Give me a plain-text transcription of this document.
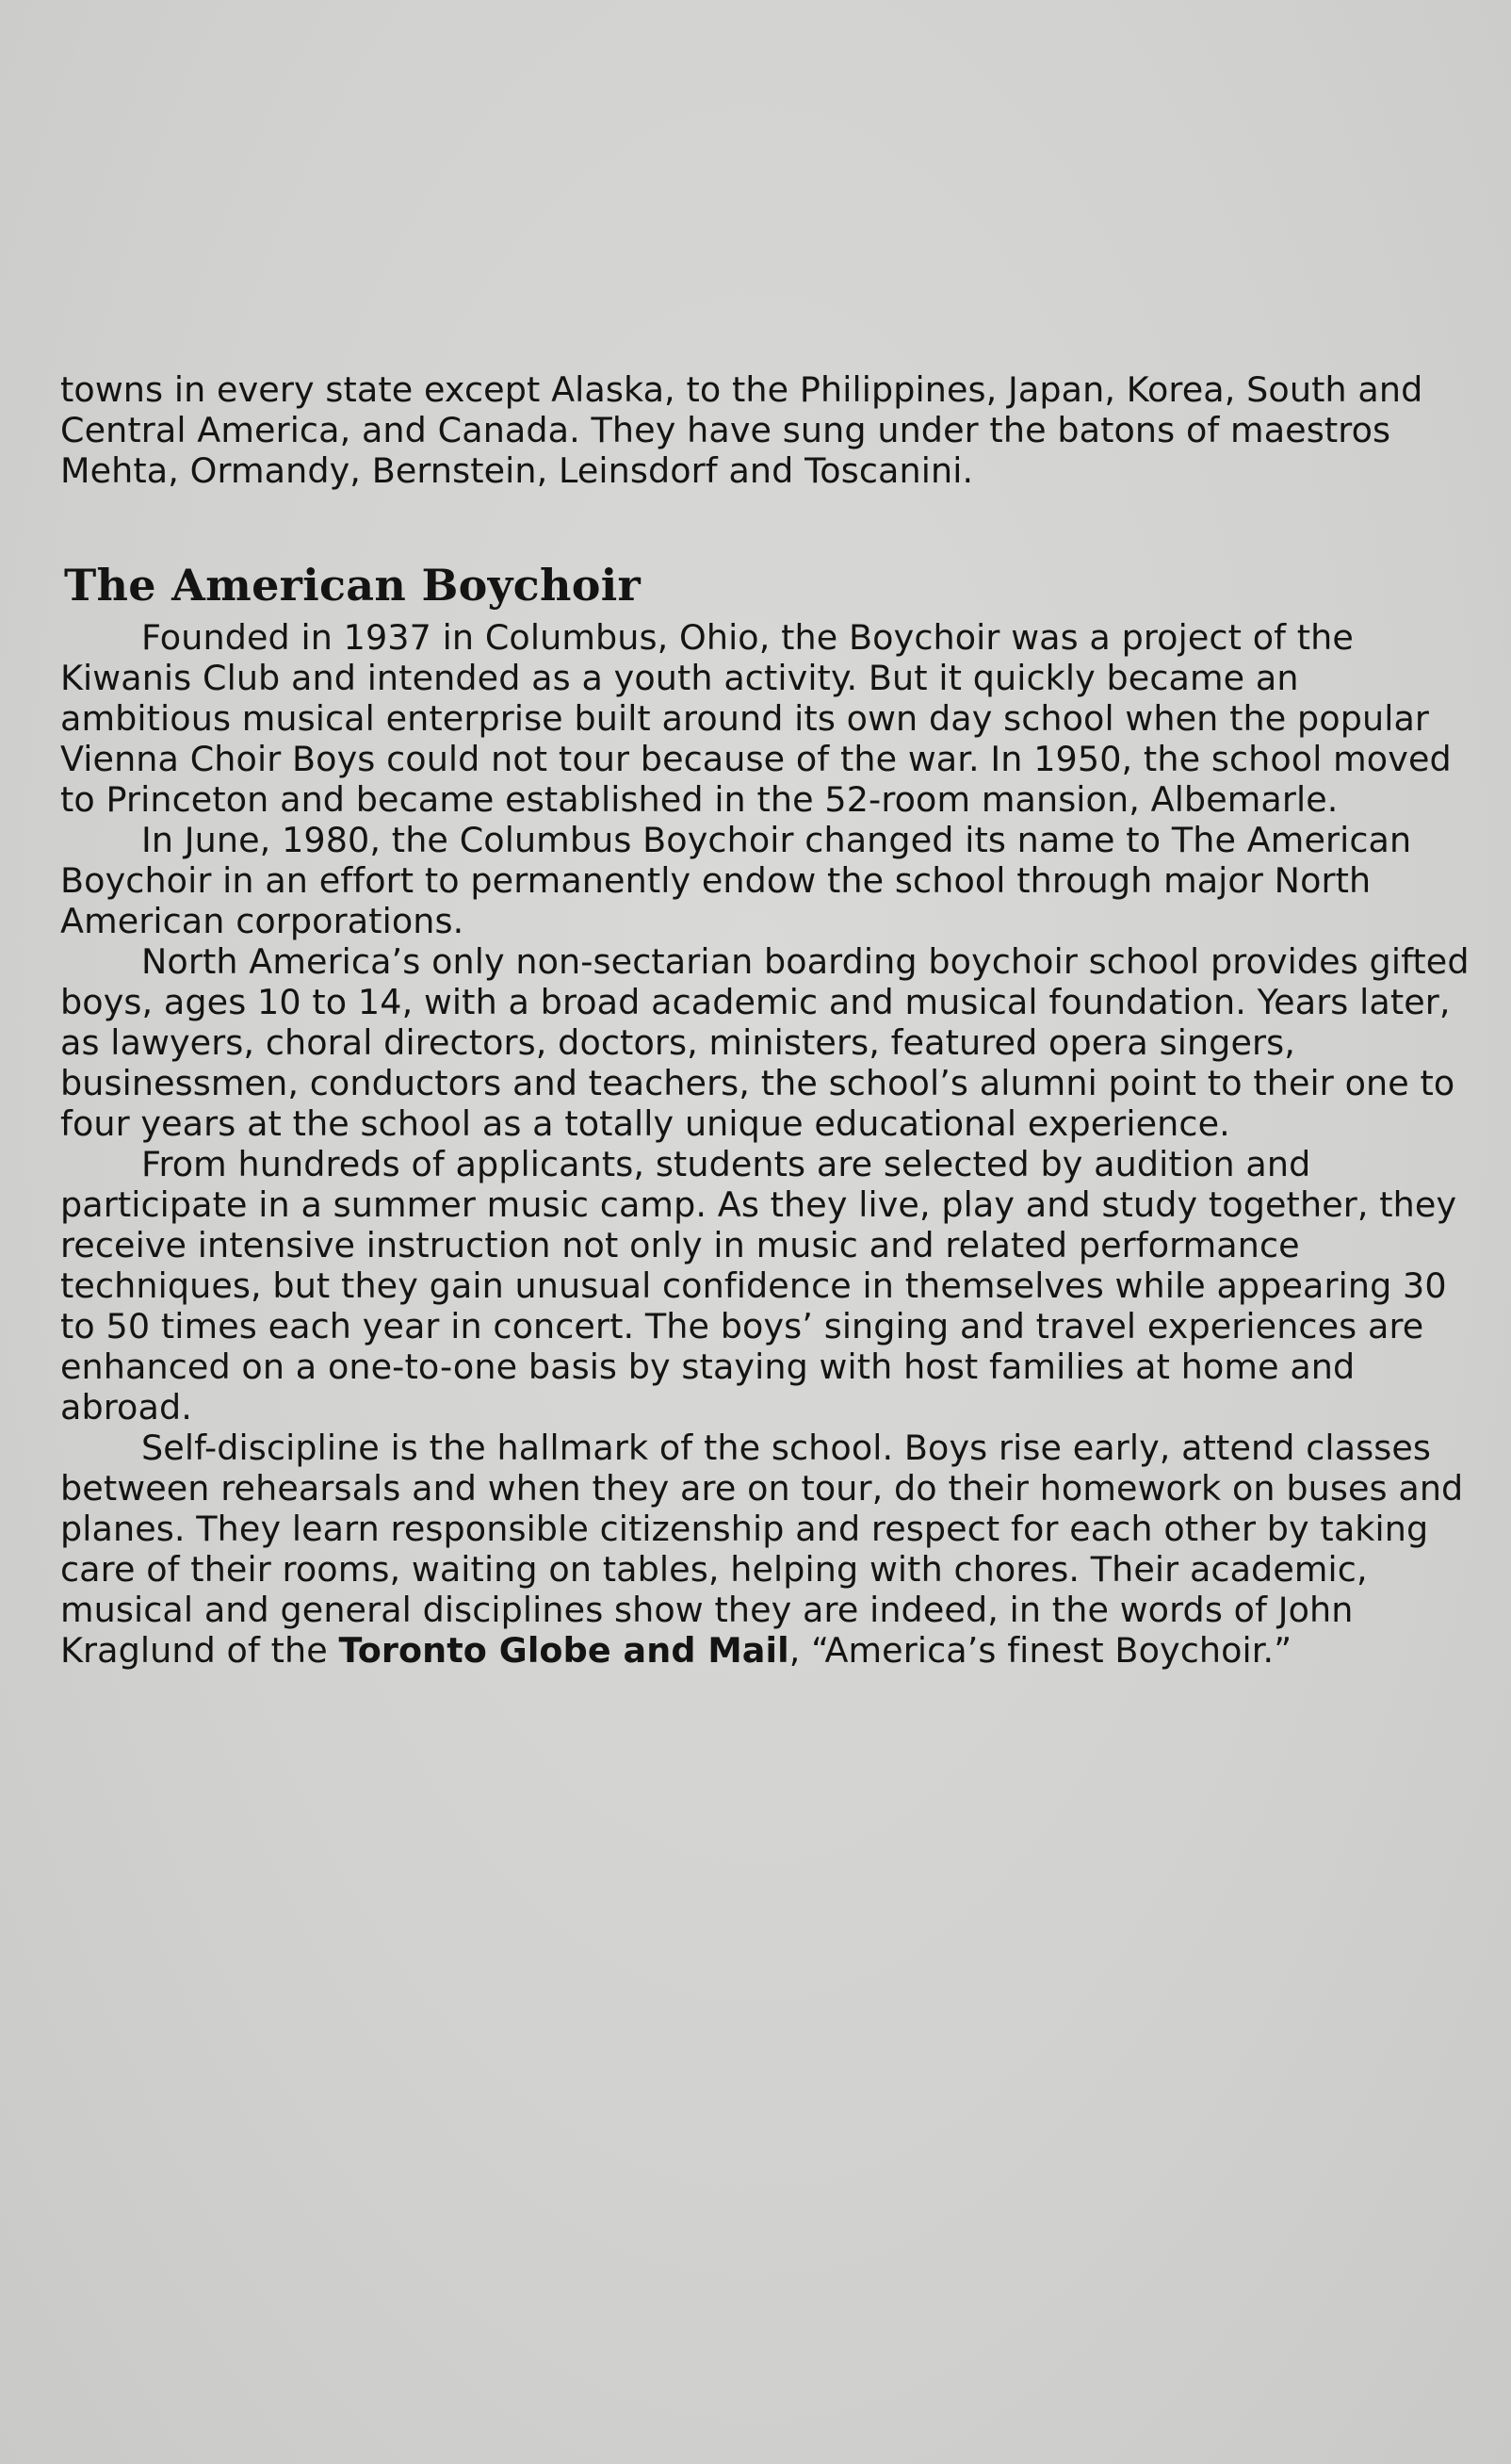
towns in every state except Alaska, to the Philippines, Japan, Korea, South and Central America, and Canada. They have sung under the batons of maestros Mehta, Ormandy, Bernstein, Leinsdorf and Toscanini.

The American Boychoir

Founded in 1937 in Columbus, Ohio, the Boychoir was a project of the Kiwanis Club and intended as a youth activity. But it quickly became an ambitious musical enterprise built around its own day school when the popular Vienna Choir Boys could not tour because of the war. In 1950, the school moved to Princeton and became established in the 52-room mansion, Albemarle.

In June, 1980, the Columbus Boychoir changed its name to The American Boychoir in an effort to permanently endow the school through major North American corporations.

North America’s only non-sectarian boarding boychoir school provides gifted boys, ages 10 to 14, with a broad academic and musical foundation. Years later, as lawyers, choral directors, doctors, ministers, featured opera singers, businessmen, conductors and teachers, the school’s alumni point to their one to four years at the school as a totally unique educational experience.

From hundreds of applicants, students are selected by audition and participate in a summer music camp. As they live, play and study together, they receive intensive instruction not only in music and related performance techniques, but they gain unusual confidence in themselves while appearing 30 to 50 times each year in concert. The boys’ singing and travel experiences are enhanced on a one-to-one basis by staying with host families at home and abroad.

Self-discipline is the hallmark of the school. Boys rise early, attend classes between rehearsals and when they are on tour, do their homework on buses and planes. They learn responsible citizenship and respect for each other by taking care of their rooms, waiting on tables, helping with chores. Their academic, musical and general disciplines show they are indeed, in the words of John Kraglund of the Toronto Globe and Mail, “America’s finest Boychoir.”
